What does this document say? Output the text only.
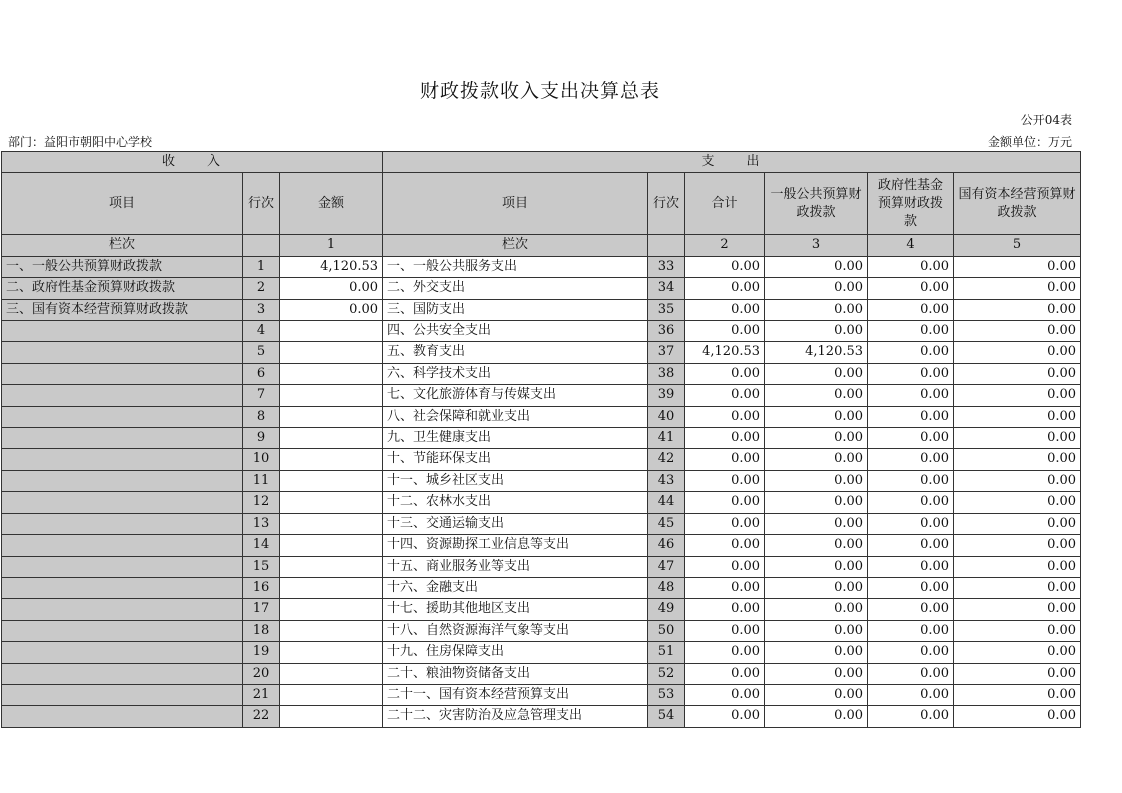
财政拨款收入支出决算总表
公开04表
部门：益阳市朝阳中心学校	金额单位：万元
收　　入			支　　出					
项目	行次	金额	项目	行次	合计	一般公共预算财政拨款	政府性基金预算财政拨款	国有资本经营预算财政拨款
栏次		1	栏次		2	3	4	5
一、一般公共预算财政拨款	1	4,120.53	一、一般公共服务支出	33	0.00	0.00	0.00	0.00
二、政府性基金预算财政拨款	2	0.00	二、外交支出	34	0.00	0.00	0.00	0.00
三、国有资本经营预算财政拨款	3	0.00	三、国防支出	35	0.00	0.00	0.00	0.00
	4		四、公共安全支出	36	0.00	0.00	0.00	0.00
	5		五、教育支出	37	4,120.53	4,120.53	0.00	0.00
	6		六、科学技术支出	38	0.00	0.00	0.00	0.00
	7		七、文化旅游体育与传媒支出	39	0.00	0.00	0.00	0.00
	8		八、社会保障和就业支出	40	0.00	0.00	0.00	0.00
	9		九、卫生健康支出	41	0.00	0.00	0.00	0.00
	10		十、节能环保支出	42	0.00	0.00	0.00	0.00
	11		十一、城乡社区支出	43	0.00	0.00	0.00	0.00
	12		十二、农林水支出	44	0.00	0.00	0.00	0.00
	13		十三、交通运输支出	45	0.00	0.00	0.00	0.00
	14		十四、资源勘探工业信息等支出	46	0.00	0.00	0.00	0.00
	15		十五、商业服务业等支出	47	0.00	0.00	0.00	0.00
	16		十六、金融支出	48	0.00	0.00	0.00	0.00
	17		十七、援助其他地区支出	49	0.00	0.00	0.00	0.00
	18		十八、自然资源海洋气象等支出	50	0.00	0.00	0.00	0.00
	19		十九、住房保障支出	51	0.00	0.00	0.00	0.00
	20		二十、粮油物资储备支出	52	0.00	0.00	0.00	0.00
	21		二十一、国有资本经营预算支出	53	0.00	0.00	0.00	0.00
	22		二十二、灾害防治及应急管理支出	54	0.00	0.00	0.00	0.00
